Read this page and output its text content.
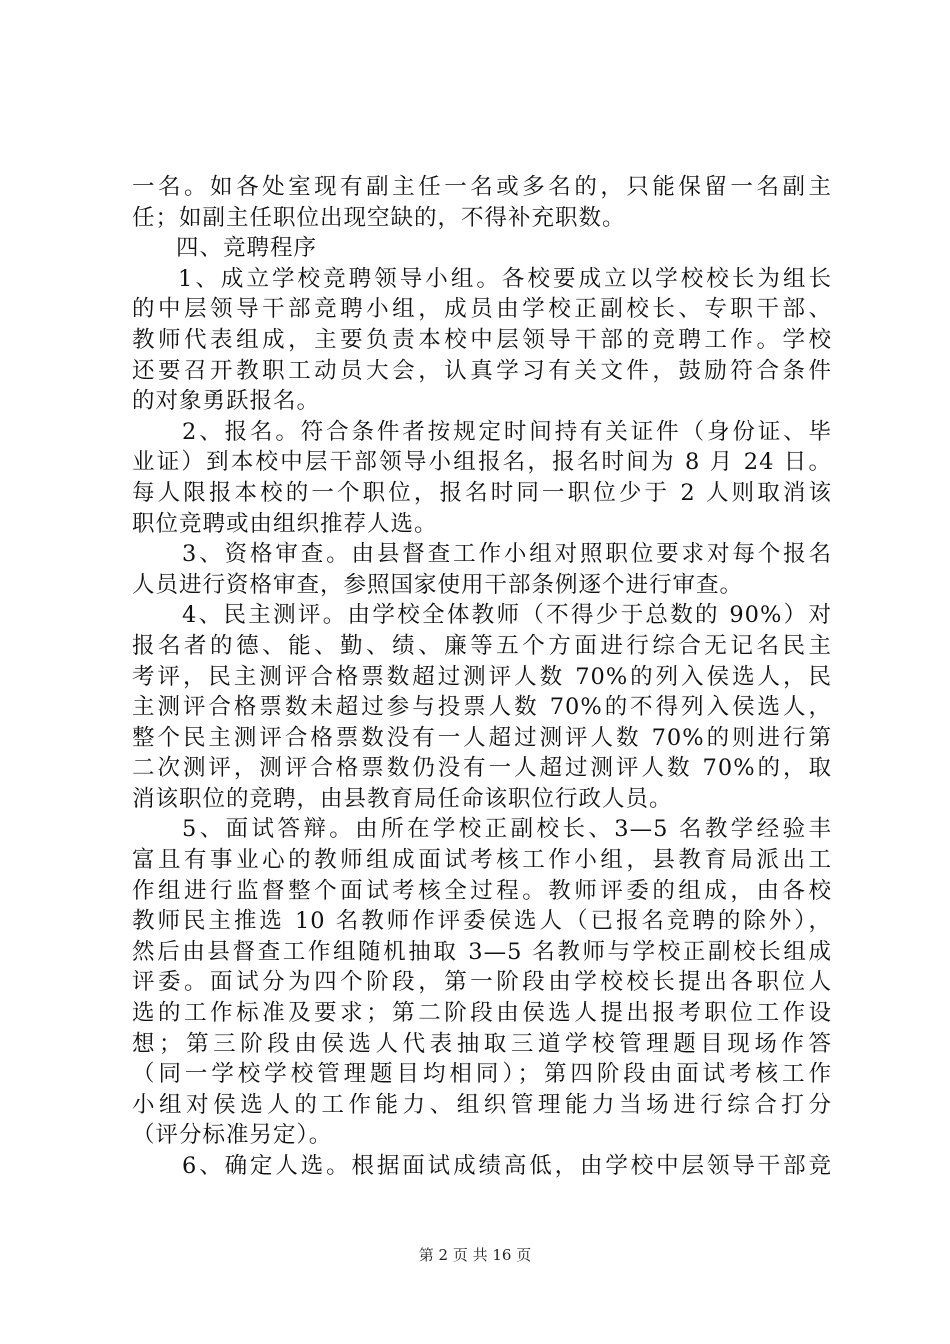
一名。如各处室现有副主任一名或多名的，只能保留一名副主
任；如副主任职位出现空缺的，不得补充职数。
四、竞聘程序
1、成立学校竞聘领导小组。各校要成立以学校校长为组长
的中层领导干部竞聘小组，成员由学校正副校长、专职干部、
教师代表组成，主要负责本校中层领导干部的竞聘工作。学校
还要召开教职工动员大会，认真学习有关文件，鼓励符合条件
的对象勇跃报名。
2、报名。符合条件者按规定时间持有关证件（身份证、毕
业证）到本校中层干部领导小组报名，报名时间为 8 月 24 日。
每人限报本校的一个职位，报名时同一职位少于 2 人则取消该
职位竞聘或由组织推荐人选。
3、资格审查。由县督查工作小组对照职位要求对每个报名
人员进行资格审查，参照国家使用干部条例逐个进行审查。
4、民主测评。由学校全体教师（不得少于总数的 90%）对
报名者的德、能、勤、绩、廉等五个方面进行综合无记名民主
考评，民主测评合格票数超过测评人数 70%的列入侯选人，民
主测评合格票数未超过参与投票人数 70%的不得列入侯选人，
整个民主测评合格票数没有一人超过测评人数 70%的则进行第
二次测评，测评合格票数仍没有一人超过测评人数 70%的，取
消该职位的竞聘，由县教育局任命该职位行政人员。
5、面试答辩。由所在学校正副校长、3—5 名教学经验丰
富且有事业心的教师组成面试考核工作小组，县教育局派出工
作组进行监督整个面试考核全过程。教师评委的组成，由各校
教师民主推选 10 名教师作评委侯选人（已报名竞聘的除外），
然后由县督查工作组随机抽取 3—5 名教师与学校正副校长组成
评委。面试分为四个阶段，第一阶段由学校校长提出各职位人
选的工作标准及要求；第二阶段由侯选人提出报考职位工作设
想；第三阶段由侯选人代表抽取三道学校管理题目现场作答
（同一学校学校管理题目均相同）；第四阶段由面试考核工作
小组对侯选人的工作能力、组织管理能力当场进行综合打分
（评分标准另定）。
6、确定人选。根据面试成绩高低，由学校中层领导干部竞
第 2 页 共 16 页
